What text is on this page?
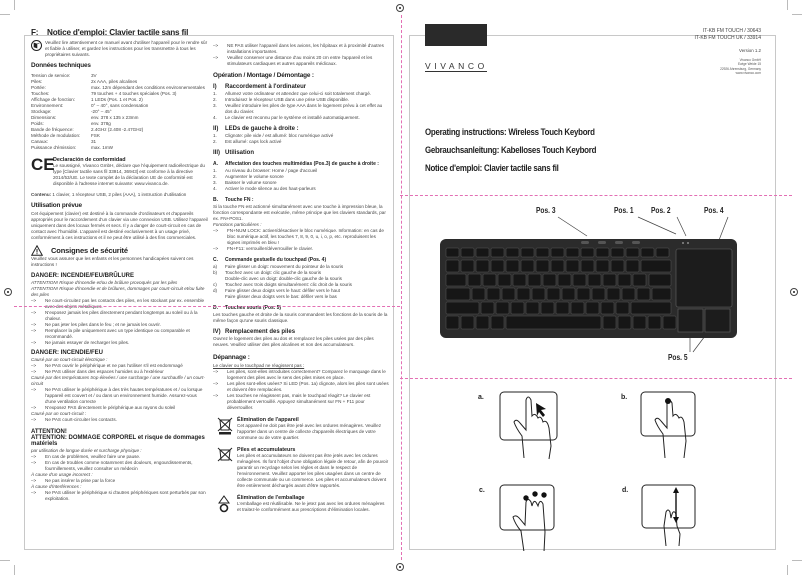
F: Notice d'emploi: Clavier tactile sans fil

Veuillez lire attentivement ce manuel avant d'utiliser l'appareil pour le rendre sûr et fiable à utiliser, et gardez les instructions pour les transmettre à tous les propriétaires suivants.

Données techniques
Tension de service:	3V
Piles:	2x AAA, piles alcalines
Portée:	max. 12m dépendant des conditions environnementales
Touches:	79 touches + 4 touches spéciales (Pos. 3)
Affichage de fonction:	1 LEDs (Pos. 1 et Pos. 2)
Environnement:	0° – 40°, sans condensation
Stockage:	-20° – 45°
Dimensions:	env. 378 x 135 x 23mm
Poids:	env. 378g
Bande de fréquence:	2.4GHz (2.408 -2.47GHz)
Méthode de modulation:	FSK
Canaux:	31
Puissance d'émission:	max. 1mW
CE
Declaración de conformidad

Le soussigné, Vivanco GmbH, déclare que l'équipement radioélectrique du type [Clavier tactile sans fil 33914, 36943] est conforme à la directive 2014/53/UE. Le texte complet de la déclaration UE de conformité est disponible à l'adresse internet suivante: www.vivanco.de.

Contenu: 1 clavier, 1 récepteur USB, 2 piles (AAA), 1 instruction d'utilisation

Utilisation prévue

Cet équipement (clavier) est destiné à la commande d'ordinateurs et d'appareils appropriés pour le raccordement d'un clavier via une connexion USB. Utilisez l'appareil uniquement dans des locaux fermés et secs. Il y a danger de court-circuit en cas de contact avec l'humidité. L'appareil est destiné exclusivement à un usage privé, conformément à ces instructions et il ne peut être utilisé à des fins commerciales.

Consignes de sécurité

Veuillez vous assurer que les enfants et les personnes handicapées suivent ces instructions !

DANGER: INCENDIE/FEU/BRÛLURE

ATTENTION! Risque d'incendie et/ou de brûlure provoqués par les piles

ATTENTION! Risque d'incendie et de brûlures, dommages par court-circuit et/ou fuite des piles

–>	Ne court-circuitez pas les contacts des piles, en les stockant par ex. ensemble avec des objets métalliques.
–>	N'exposez jamais les piles directement pendant longtemps au soleil ou à la chaleur.
–>	Ne pas jeter les piles dans le feu ; et ne jamais les ouvrir.
–>	Remplacer la pile uniquement avec un type identique ou comparable et recommandé.
–>	Ne jamais essayer de recharger les piles.
DANGER: INCENDIE/FEU

Causé par un court-circuit électrique :

–>	Ne PAS ouvrir le périphérique et ne pas l'utiliser s'il est endommagé
–>	Ne PAS utiliser dans des espaces humides ou à l'extérieur

Causé par des températures trop élevées / une surcharge / une surchauffe / un court-circuit

–>	Ne PAS utiliser le périphérique à des très hautes températures et / ou lorsque l'appareil est couvert et / ou dans un environnement humide. Assurez-vous d'une ventilation correcte
–>	N'exposez PAS directement le périphérique aux rayons du soleil

Causé par un court-circuit :

–>	Ne PAS court-circuiter les contacts.
ATTENTION!
ATTENTION: DOMMAGE CORPOREL et risque de dommages matériels

par utilisation de longue durée et surcharge physique :

–>	En cas de problèmes, veuillez faire une pause.
–>	En cas de troubles comme notamment des douleurs, engourdissements, fourmillements, veuillez consulter un médecin

À cause d'un usage incorrect :

–>	Ne pas insérer la prise par la force

À cause d'interférences :

–>	Ne PAS utiliser le périphérique si d'autres périphériques sont perturbés par son exploitation.
–>	NE PAS utiliser l'appareil dans les avions, les hôpitaux et à proximité d'autres installations importantes.
–>	Veuillez conserver une distance d'au moins 20 cm entre l'appareil et les stimulateurs cardiaques et autres appareils médicaux.
Opération / Montage / Démontage :
I)	Raccordement à l'ordinateur
1.	Allumez votre ordinateur et attendez que celui-ci soit totalement chargé.
2.	Introduisez le récepteur USB dans une prise USB disponible.
3.	Veuillez introduire les piles de type AAA dans le logement prévu à cet effet au dos du clavier.
4.	Le clavier est reconnu par le système et installé automatiquement.
II)	LEDs de gauche à droite :
1.	Clignote: pile vide / est allumé: bloc numérique activé
2.	Est allumé: caps lock activé
III) Utilisation
A.	Affectation des touches multimédias (Pos.3) de gauche à droite :
1.	Au niveau du browser: Home / page d'accueil
2.	Augmenter le volume sonore
3.	Baisser le volume sonore
4.	Activer le mode silence au des haut-parleurs
B.	Touche FN :

Si la touche FN est actionné simultanément avec une touche à impression bleue, la fonction correspondante est exécutée, même principe que les claviers standards, par ex. FN+POS1.

Fonctions particulières :

–>	FN+NUM LOCK: activer/désactiver le bloc numérique. Information: en cas de bloc numérique actif, les touches 7, 8, 9, 0, u, i, o, p, etc. reproduisent les signes imprimés en bleu !
–>	FN+F11: verrouiller/déverrouiller le clavier.
C.	Commande gestuelle du touchpad (Pos. 4)
a)	Faire glisser un doigt: mouvement du pointeur de la souris
b)	Touchez avec un doigt: clic gauche de la souris
Double-clic avec un doigt: double-clic gauche de la souris
c)	Touchez avec trois doigts simultanément: clic droit de la souris
d)	Faire glisser deux doigts vers le haut: défiler vers le haut
Faire glisser deux doigts vers le bas: défiler vers le bas
D.	Touches souris (Pos. 5)

Les touches gauche et droite de la souris commandent les fonctions de la souris de la même façon qu'une souris classique.

IV) Remplacement des piles

Ouvrez le logement des piles au dos et remplacez les piles usées par des piles neuves. Veuillez utiliser des piles alcalines et non des accumulateurs.

Dépannage :

Le clavier ou le touchpad ne réagissent pas :

–>	Les piles, sont-elles introduites correctement? Comparez le marquage dans le logement des piles avec le sens des piles mises en place.
–>	Les piles sont-elles usées? Si LED (Pos. 1a) clignote, alors les piles sont usées et doivent être remplacées.
–>	Les touches ne réagissent pas, mais le touchpad réagit? Le clavier est probablement verrouillé. Appuyez simultanément sur FN + F11 pour déverrouiller.
Élimination de l'appareil

Cet appareil ne doit pas être jeté avec les ordures ménagères. Veuillez l'apporter dans un centre de collecte d'appareils électriques de votre commune ou de votre quartier.

Piles et accumulateurs

Les piles et accumulateurs ne doivent pas être jetés avec les ordures ménagères. Ils font l'objet d'une obligation légale de retour, afin de pouvoir garantir un recyclage selon les règles et dans le respect de l'environnement. Veuillez apporter les piles usagées dans un centre de collecte communale ou un commerce. Les piles et accumulateurs doivent être entièrement déchargés avant d'être rapportés.

Élimination de l'emballage

L'emballage est réutilisable. Ne le jetez pas avec les ordures ménagères et traitez-le conformément aux prescriptions d'élimination locales.

VIVANCO
IT-KB FM TOUCH / 30643
IT-KB FM TOUCH UK / 33914
Version 1.2
Vivanco GmbH
Ewige Weide 15
22926 Ahrensburg, Germany
www.vivanco.com
Operating instructions: Wireless Touch Keybord
Gebrauchsanleitung: Kabelloses Touch Keybord
Notice d'emploi: Clavier tactile sans fil
Pos. 3	Pos. 1 Pos. 2	Pos. 4
Pos. 5
a.	b.
c.	d.
